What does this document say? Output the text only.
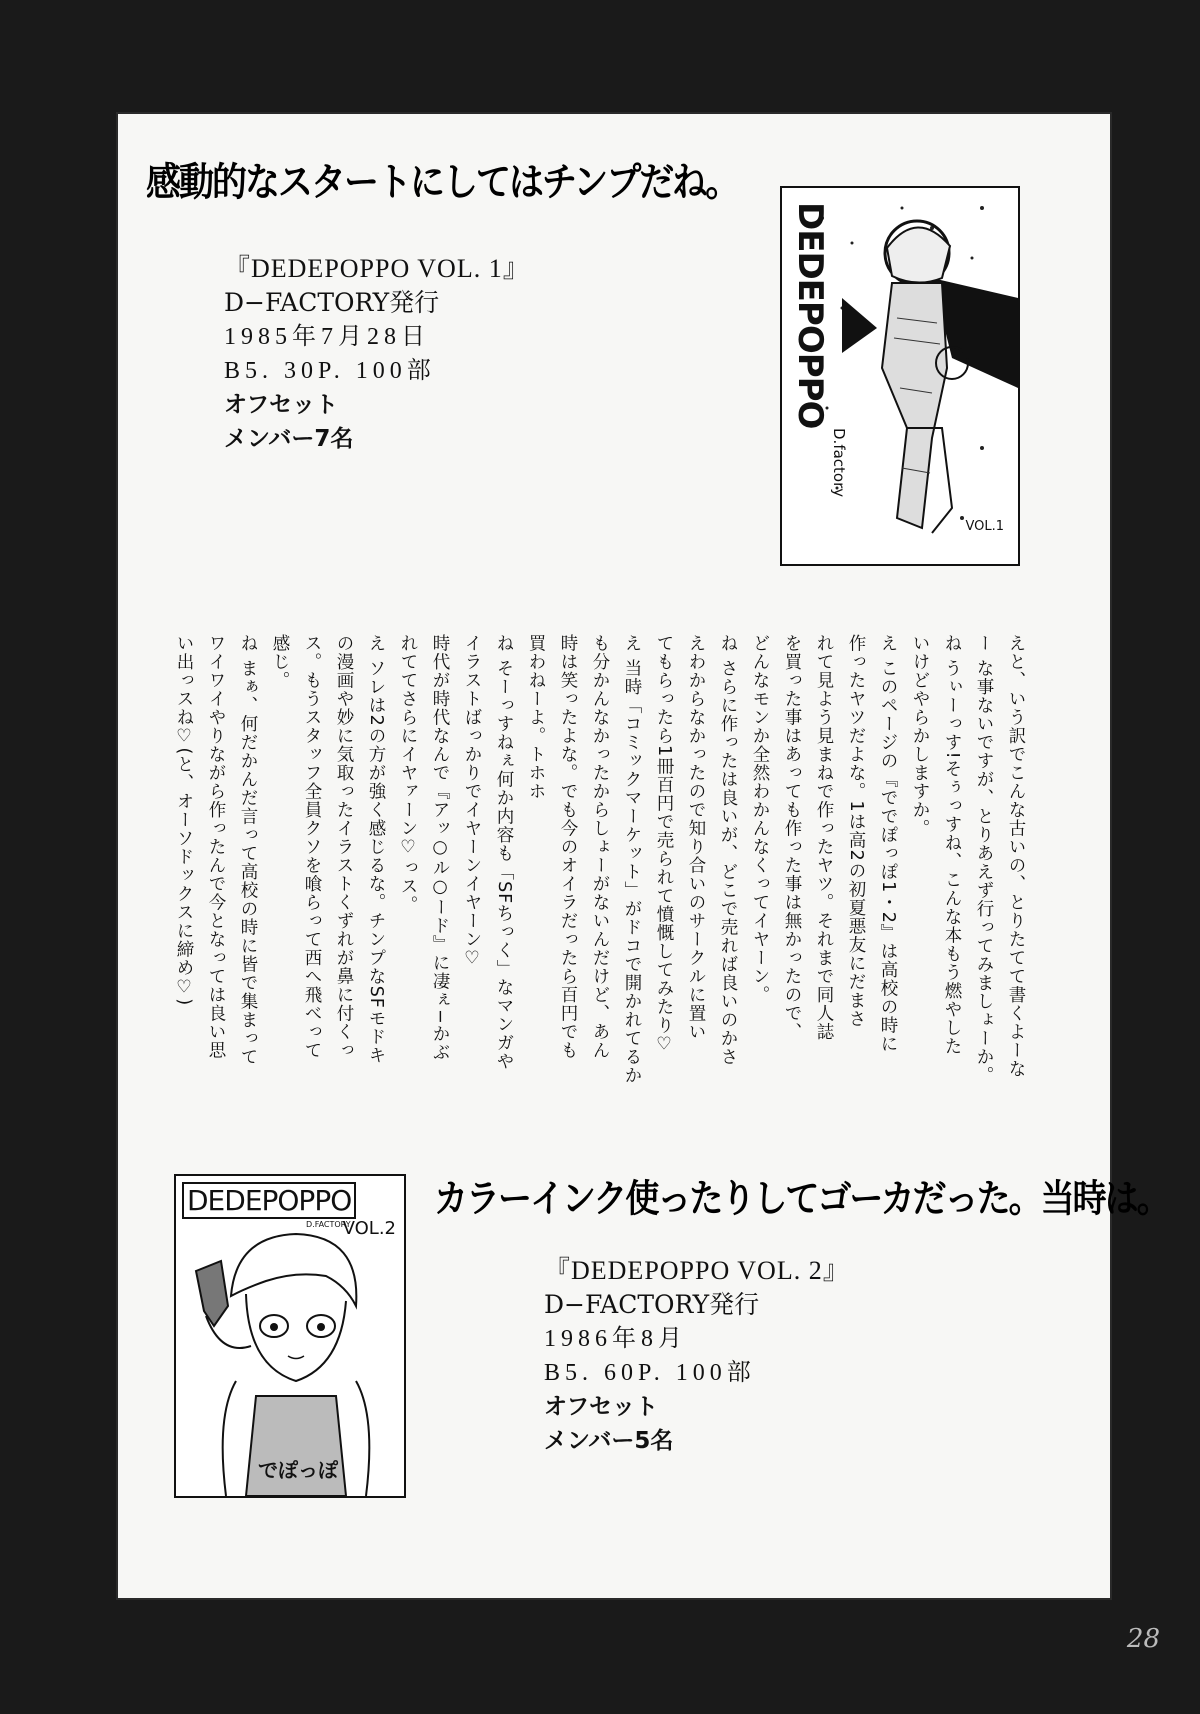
感動的なスタートにしてはチンプだね。
『DEDEPOPPO VOL. 1』
D−FACTORY発行
1985年7月28日
B5. 30P. 100部
オフセット
メンバー7名
DEDEPOPPO
D.factory
VOL.1
えと、いう訳でこんな古いの、とりたてて書くよーな
ー な事ないですが、とりあえず行ってみましょーか。
ね うぃーっす!そぅっすね、こんな本もう燃やした
いけどやらかしますか。
え このページの『ででぽっぽ1・2』は高校の時に
作ったヤツだよな。1は高2の初夏悪友にだまさ
れて見よう見まねで作ったヤツ。それまで同人誌
を買った事はあっても作った事は無かったので、
どんなモンか全然わかんなくってイヤーン。
ね さらに作ったは良いが、どこで売れば良いのかさ
えわからなかったので知り合いのサークルに置い
てもらったら1冊百円で売られて憤慨してみたり♡
え 当時「コミックマーケット」がドコで開かれてるか
も分かんなかったからしょーがないんだけど、あん
時は笑ったよな。でも今のオイラだったら百円でも
買わねーよ。トホホ
ね そーっすねぇ何か内容も「SFちっく」なマンガや
イラストばっかりでイヤーンイヤーン♡
時代が時代なんで『アッ○ル○ード』に凄ぇ−かぶ
れててさらにイヤァーン♡っス。
え ソレは2の方が強く感じるな。チンプなSFモドキ
の漫画や妙に気取ったイラストくずれが鼻に付くっ
ス。もうスタッフ全員クソを喰らって西へ飛べって
感じ。
ね まぁ、何だかんだ言って高校の時に皆で集まって
ワイワイやりながら作ったんで今となっては良い思
い出っスね♡(と、オーソドックスに締め♡)
カラーインク使ったりしてゴーカだった。当時は。
DEDEPOPPO
D.FACTORY
VOL.2
でぽっぽ
『DEDEPOPPO VOL. 2』
D−FACTORY発行
1986年8月
B5. 60P. 100部
オフセット
メンバー5名
28
